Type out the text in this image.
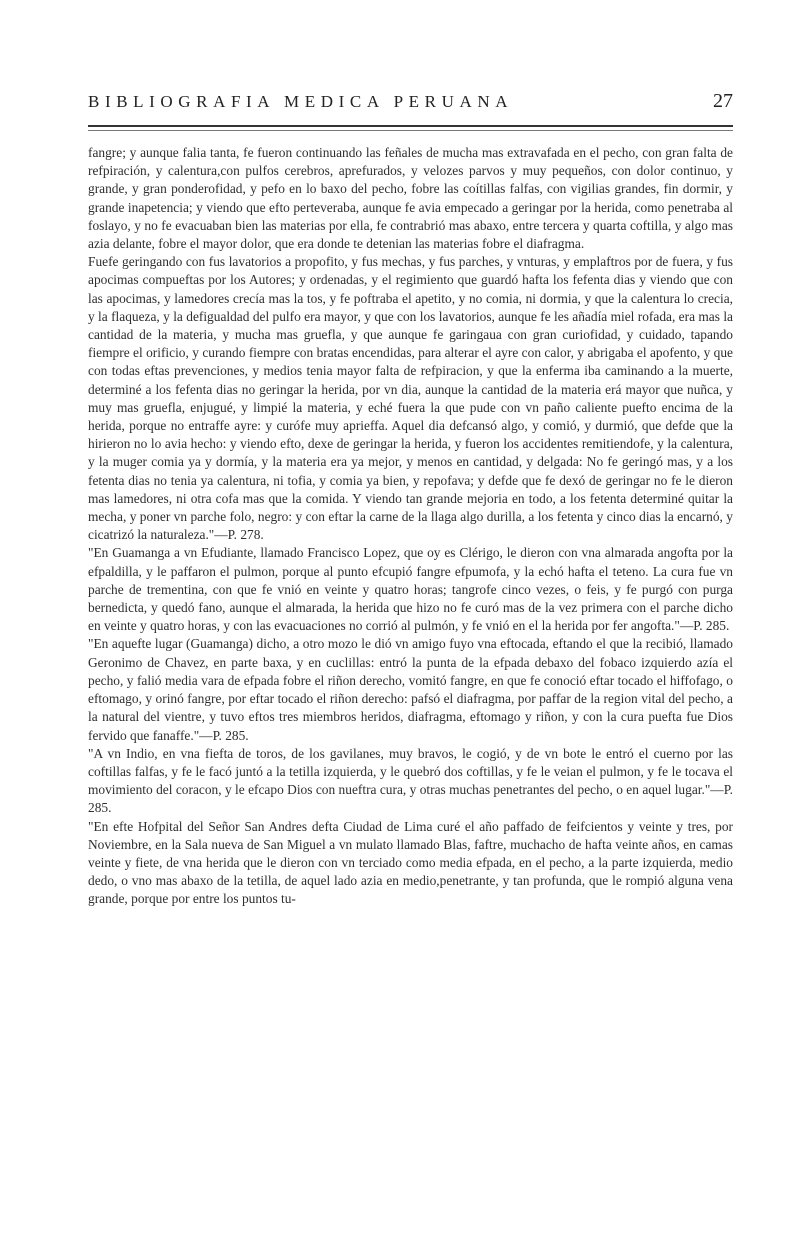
BIBLIOGRAFIA MEDICA PERUANA	27

fangre; y aunque falia tanta, fe fueron continuando las feñales de mucha mas extravafada en el pecho, con gran falta de refpiración, y calentura,con pulfos cerebros, aprefurados, y velozes parvos y muy pequeños, con dolor continuo, y grande, y gran ponderofidad, y pefo en lo baxo del pecho, fobre las coítillas falfas, con vigilias grandes, fin dormir, y grande inapetencia; y viendo que efto perteveraba, aunque fe avia empecado a geringar por la herida, como penetraba al foslayo, y no fe evacuaban bien las materias por ella, fe contrabrió mas abaxo, entre tercera y quarta coftilla, y algo mas azia delante, fobre el mayor dolor, que era donde te detenian las materias fobre el diafragma.

Fuefe geringando con fus lavatorios a propofito, y fus mechas, y fus parches, y vnturas, y emplaftros por de fuera, y fus apocimas compueftas por los Autores; y ordenadas, y el regimiento que guardó hafta los fefenta dias y viendo que con las apocimas, y lamedores crecía mas la tos, y fe poftraba el apetito, y no comia, ni dormia, y que la calentura lo crecia, y la flaqueza, y la defigualdad del pulfo era mayor, y que con los lavatorios, aunque fe les añadía miel rofada, era mas la cantidad de la materia, y mucha mas gruefla, y que aunque fe garingaua con gran curiofidad, y cuidado, tapando fiempre el orificio, y curando fiempre con bratas encendidas, para alterar el ayre con calor, y abrigaba el apofento, y que con todas eftas prevenciones, y medios tenia mayor falta de refpiracion, y que la enferma iba caminando a la muerte, determiné a los fefenta dias no geringar la herida, por vn dia, aunque la cantidad de la materia erá mayor que nuñca, y muy mas gruefla, enjugué, y limpié la materia, y eché fuera la que pude con vn paño caliente puefto encima de la herida, porque no entraffe ayre: y curófe muy aprieffa. Aquel dia defcansó algo, y comió, y durmió, que defde que la hirieron no lo avia hecho: y viendo efto, dexe de geringar la herida, y fueron los accidentes remitiendofe, y la calentura, y la muger comia ya y dormía, y la materia era ya mejor, y menos en cantidad, y delgada: No fe geringó mas, y a los fetenta dias no tenia ya calentura, ni tofia, y comia ya bien, y repofava; y defde que fe dexó de geringar no fe le dieron mas lamedores, ni otra cofa mas que la comida. Y viendo tan grande mejoria en todo, a los fetenta determiné quitar la mecha, y poner vn parche folo, negro: y con eftar la carne de la llaga algo durilla, a los fetenta y cinco dias la encarnó, y cicatrizó la naturaleza."—P. 278.

"En Guamanga a vn Efudiante, llamado Francisco Lopez, que oy es Clérigo, le dieron con vna almarada angofta por la efpaldilla, y le paffaron el pulmon, porque al punto efcupió fangre efpumofa, y la echó hafta el teteno. La cura fue vn parche de trementina, con que fe vnió en veinte y quatro horas; tangrofe cinco vezes, o feis, y fe purgó con purga bernedicta, y quedó fano, aunque el almarada, la herida que hizo no fe curó mas de la vez primera con el parche dicho en veinte y quatro horas, y con las evacuaciones no corrió al pulmón, y fe vnió en el la herida por fer angofta."—P. 285.

"En aquefte lugar (Guamanga) dicho, a otro mozo le dió vn amigo fuyo vna eftocada, eftando el que la recibió, llamado Geronimo de Chavez, en parte baxa, y en cuclillas: entró la punta de la efpada debaxo del fobaco izquierdo azía el pecho, y falió media vara de efpada fobre el riñon derecho, vomitó fangre, en que fe conoció eftar tocado el hiffofago, o eftomago, y orinó fangre, por eftar tocado el riñon derecho: pafsó el diafragma, por paffar de la region vital del pecho, a la natural del vientre, y tuvo eftos tres miembros heridos, diafragma, eftomago y riñon, y con la cura puefta fue Dios fervido que fanaffe."—P. 285.

"A vn Indio, en vna fiefta de toros, de los gavilanes, muy bravos, le cogió, y de vn bote le entró el cuerno por las coftillas falfas, y fe le facó juntó a la tetilla izquierda, y le quebró dos coftillas, y fe le veian el pulmon, y fe le tocava el movimiento del coracon, y le efcapo Dios con nueftra cura, y otras muchas penetrantes del pecho, o en aquel lugar."—P. 285.

"En efte Hofpital del Señor San Andres defta Ciudad de Lima curé el año paffado de feifcientos y veinte y tres, por Noviembre, en la Sala nueva de San Miguel a vn mulato llamado Blas, faftre, muchacho de hafta veinte años, en camas veinte y fiete, de vna herida que le dieron con vn terciado como media efpada, en el pecho, a la parte izquierda, medio dedo, o vno mas abaxo de la tetilla, de aquel lado azia en medio,penetrante, y tan profunda, que le rompió alguna vena grande, porque por entre los puntos tu-
